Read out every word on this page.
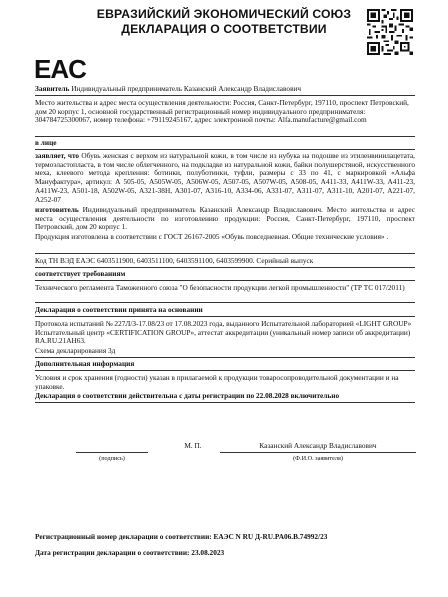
ЕВРАЗИЙСКИЙ ЭКОНОМИЧЕСКИЙ СОЮЗ
ДЕКЛАРАЦИЯ О СООТВЕТСТВИИ
EAC
Заявитель Индивидуальный предприниматель Казанский Александр Владиславович
Место жительства и адрес места осуществления деятельности: Россия, Санкт-Петербург, 197110, проспект Петровский, дом 20 корпус 1, основной государственный регистрационный номер индивидуального предпринимателя: 304784725300067, номер телефона: +79119245167, адрес электронной почты: Alfa.manufacture@gmail.com
в лице
заявляет, что Обувь женская с верхом из натуральной кожи, в том числе из нубука на подошве из этиленвинилацетата, термоэластопласта, в том числе облегченного, на подкладке из натуральной кожи, байки полушерстяной, искусственного меха, клеевого метода крепления: ботинки, полуботинки, туфли, размеры с 33 по 41, с маркировкой «Альфа Мануфактура», артикул: А 505-05, A505W-05, A506W-05, A507-05, A507W-05, A508-05, A411-33, A411W-33, A411-23, A411W-23, A501-18, A502W-05, A321-38H, A301-07, A316-10, A334-06, A331-07, A311-07, A311-10, A201-07, A221-07, A252-07
изготовитель Индивидуальный предприниматель Казанский Александр Владиславович. Место жительства и адрес места осуществления деятельности по изготовлению продукции: Россия, Санкт-Петербург, 197110, проспект Петровский, дом 20 корпус 1.
Продукция изготовлена в соответствии с ГОСТ 26167-2005 «Обувь повседневная. Общие технические условия» .
Код ТН ВЭД ЕАЭС 6403511900, 6403511100, 6403591100, 6403599900. Серийный выпуск
соответствует требованиям
Технического регламента Таможенного союза "О безопасности продукции легкой промышленности" (ТР ТС 017/2011)
Декларация о соответствии принята на основании
Протокола испытаний № 227Л/З-17.08/23 от 17.08.2023 года, выданного Испытательной лабораторией «LIGHT GROUP» Испытательный центр «CERTIFICATION GROUP», аттестат аккредитации (уникальный номер записи об аккредитации) RA.RU.21AH63.
Схема декларирования 3д
Дополнительная информация
Условия и срок хранения (годности) указан в прилагаемой к продукции товаросопроводительной документации и на упаковке.
Декларация о соответствии действительна с даты регистрации по 22.08.2028 включительно
М. П.	Казанский Александр Владиславович
(подпись)	(Ф.И.О. заявителя)
Регистрационный номер декларации о соответствии: ЕАЭС N RU Д-RU.PA06.B.74992/23
Дата регистрации декларации о соответствии: 23.08.2023
